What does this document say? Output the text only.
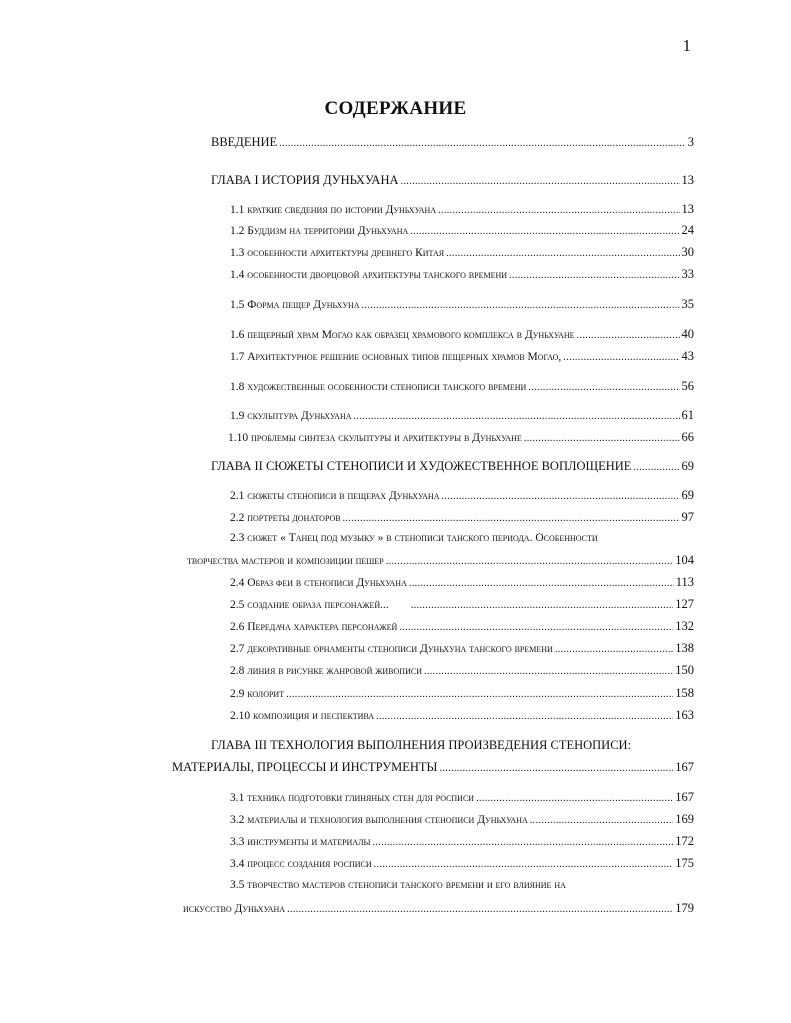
1
СОДЕРЖАНИЕ
ВВЕДЕНИЕ .....	3
ГЛАВА I ИСТОРИЯ ДУНЬХУАНА .....	13
1.1 краткие сведения по истории Дуньхуана .....	13
1.2 Буддизм на территории Дуньхуана .....	24
1.3 особенности архитектуры древнего Китая .....	30
1.4 особенности дворцовой архитектуры танского времени .....	33
1.5 Форма пещер Дуньхуна .....	35
1.6 пещерный храм Могао как образец храмового комплекса в Дуньхуане .....	40
1.7 Архитектурное решение основных типов пещерных храмов Могао, .....	43
1.8 художественные особенности стенописи танского времени .....	56
1.9 скульптура Дуньхуана .....	61
1.10 проблемы синтеза скульптуры и архитектуры в Дуньхуане .....	66
ГЛАВА II СЮЖЕТЫ СТЕНОПИСИ И ХУДОЖЕСТВЕННОЕ ВОПЛОЩЕНИЕ .....	69
2.1 сюжеты стенописи в пещерах Дуньхуана .....	69
2.2 портреты донаторов .....	97
2.3 сюжет « Танец под музыку » в стенописи танского периода. Особенности
творчества мастеров и композиции пешер .....	104
2.4 Образ феи в стенописи Дуньхуана .....	113
2.5 создание образа персонажей... .....	127
2.6 Передача характера персонажей .....	132
2.7 декоративные орнаменты стенописи Дуньхуна танского времени .....	138
2.8 линия в рисунке жанровой живописи .....	150
2.9 колорит .....	158
2.10 композиция и песпектива .....	163
ГЛАВА III ТЕХНОЛОГИЯ ВЫПОЛНЕНИЯ ПРОИЗВЕДЕНИЯ СТЕНОПИСИ:
МАТЕРИАЛЫ, ПРОЦЕССЫ И ИНСТРУМЕНТЫ .....	167
3.1 техника подготовки глиняных стен для росписи .....	167
3.2 материалы и технология выполнения стенописи Дуньхуана .....	169
3.3 инструменты и материалы .....	172
3.4 процесс создания росписи .....	175
3.5 творчество мастеров стенописи танского времени и его влияние на
искусство Дуньхуана .....	179
